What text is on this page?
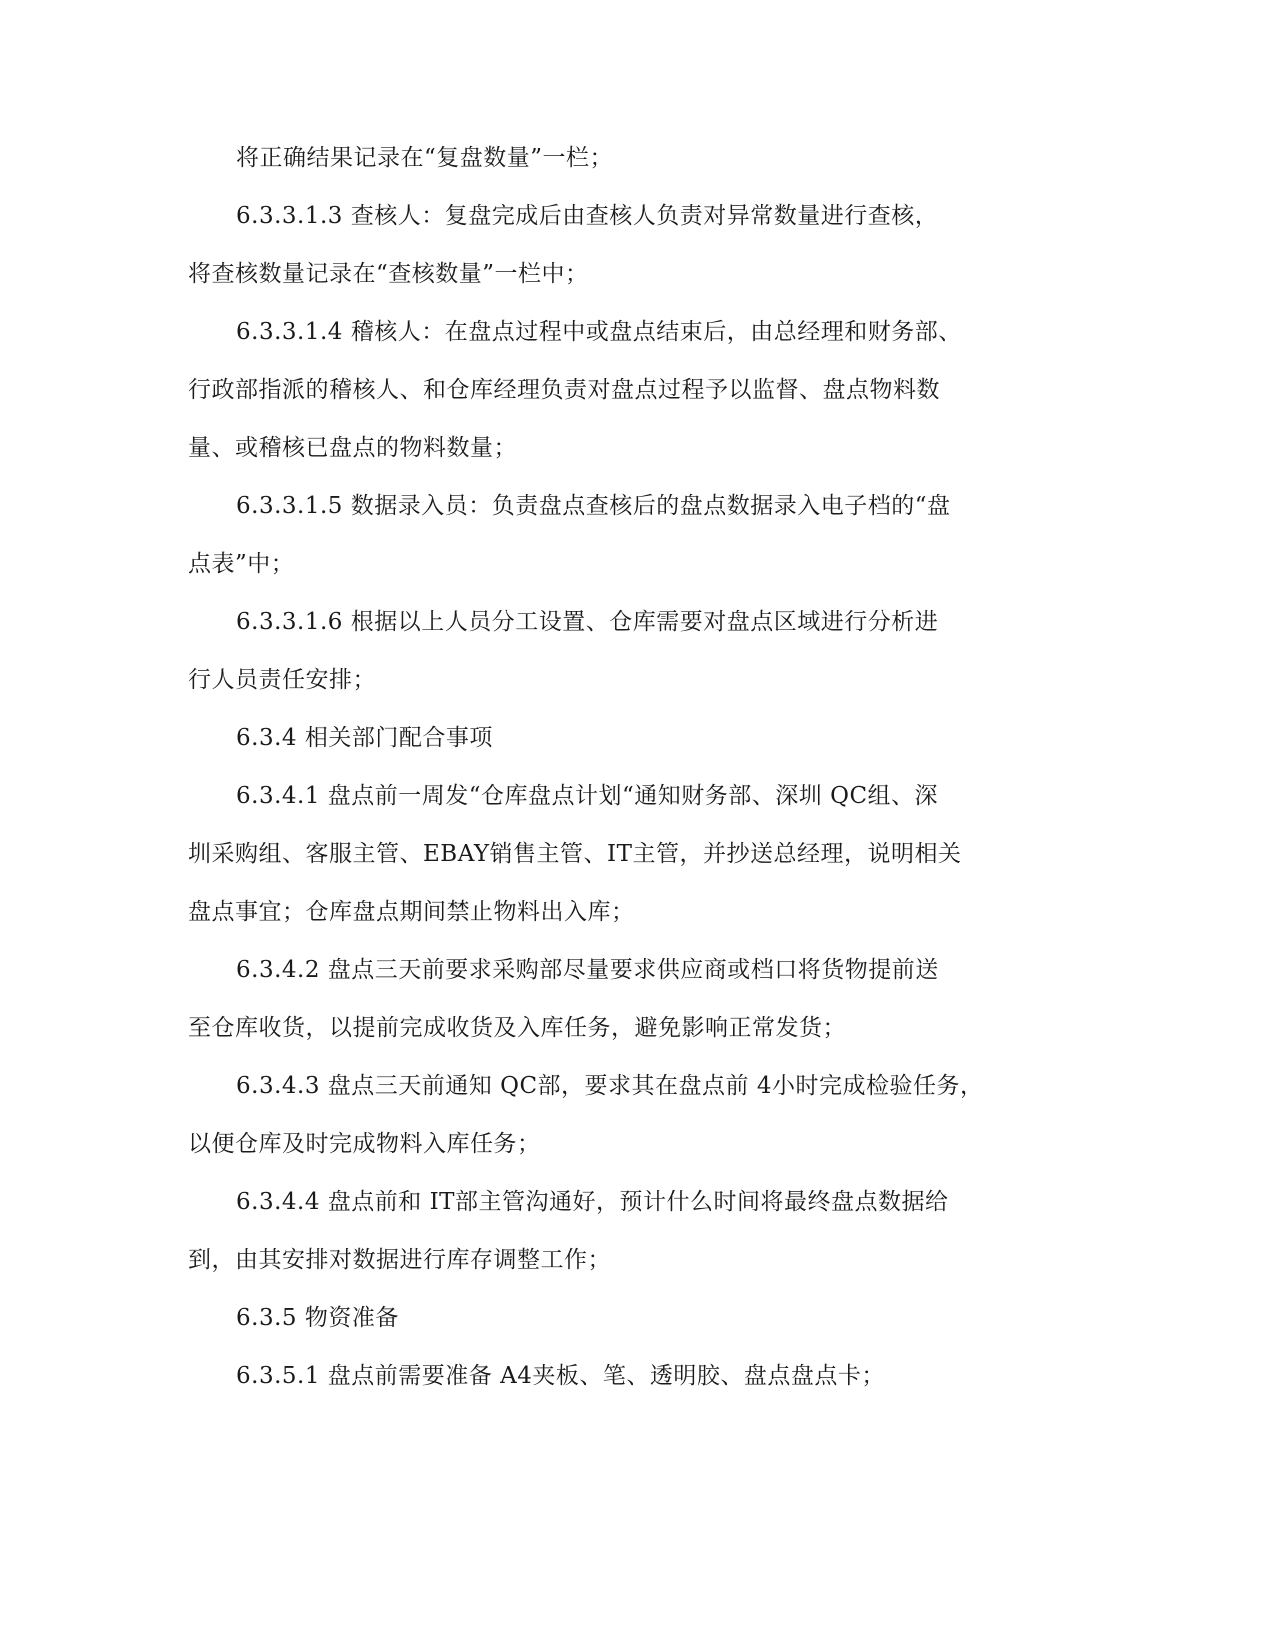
将正确结果记录在“复盘数量”一栏；
6.3.3.1.3 查核人：复盘完成后由查核人负责对异常数量进行查核，
将查核数量记录在“查核数量”一栏中；
6.3.3.1.4 稽核人：在盘点过程中或盘点结束后，由总经理和财务部、
行政部指派的稽核人、和仓库经理负责对盘点过程予以监督、盘点物料数
量、或稽核已盘点的物料数量；
6.3.3.1.5 数据录入员：负责盘点查核后的盘点数据录入电子档的“盘
点表”中；
6.3.3.1.6 根据以上人员分工设置、仓库需要对盘点区域进行分析进
行人员责任安排；
6.3.4 相关部门配合事项
6.3.4.1 盘点前一周发“仓库盘点计划“通知财务部、深圳 QC组、深
圳采购组、客服主管、EBAY销售主管、IT主管，并抄送总经理，说明相关
盘点事宜；仓库盘点期间禁止物料出入库；
6.3.4.2 盘点三天前要求采购部尽量要求供应商或档口将货物提前送
至仓库收货，以提前完成收货及入库任务，避免影响正常发货；
6.3.4.3 盘点三天前通知 QC部，要求其在盘点前 4小时完成检验任务，
以便仓库及时完成物料入库任务；
6.3.4.4 盘点前和 IT部主管沟通好，预计什么时间将最终盘点数据给
到，由其安排对数据进行库存调整工作；
6.3.5 物资准备
6.3.5.1 盘点前需要准备 A4夹板、笔、透明胶、盘点盘点卡；
